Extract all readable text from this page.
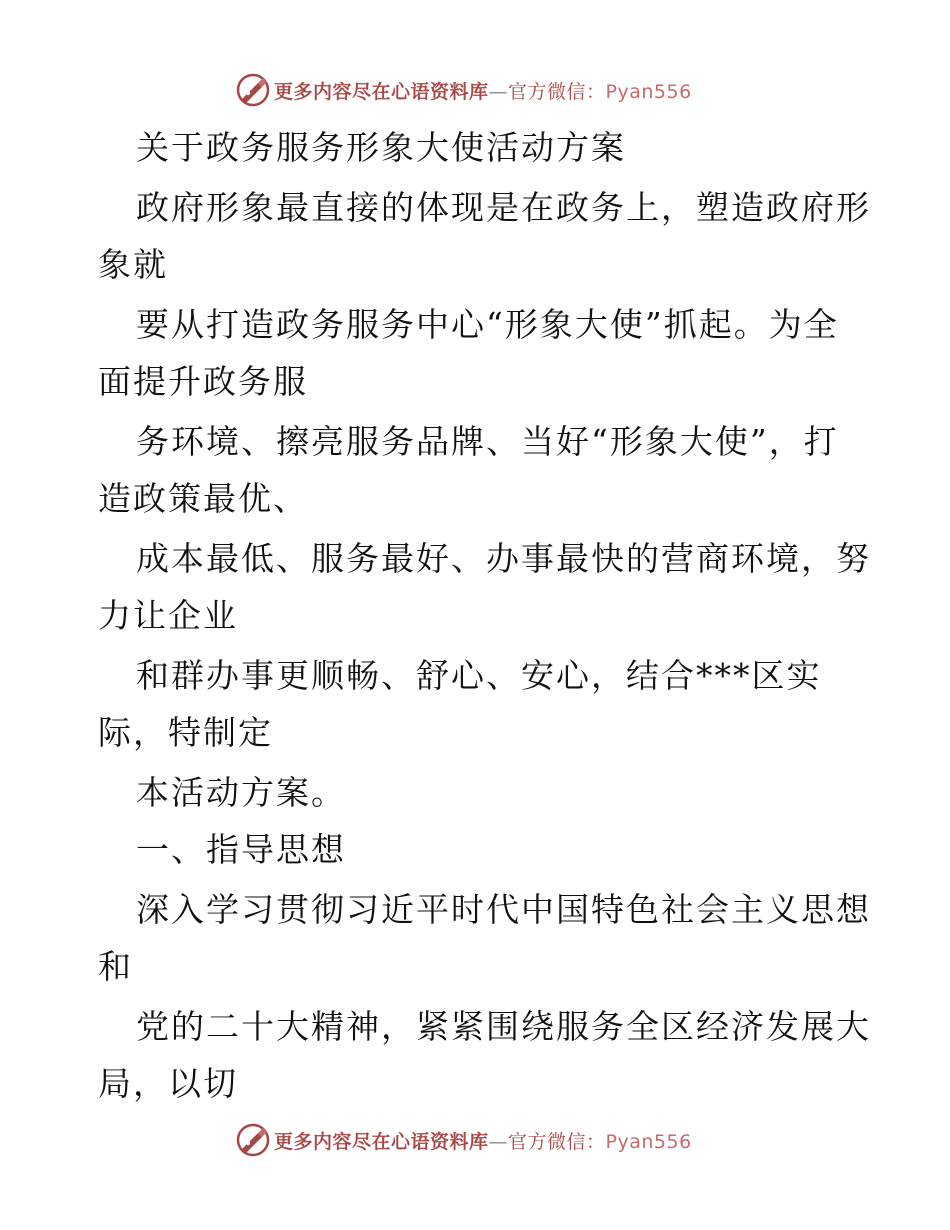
更多内容尽在心语资料库—官方微信：Pyan556
关于政务服务形象大使活动方案
政府形象最直接的体现是在政务上，塑造政府形
象就
要从打造政务服务中心“形象大使”抓起。为全
面提升政务服
务环境、擦亮服务品牌、当好“形象大使”，打
造政策最优、
成本最低、服务最好、办事最快的营商环境，努
力让企业
和群办事更顺畅、舒心、安心，结合***区实
际，特制定
本活动方案。
一、指导思想
深入学习贯彻习近平时代中国特色社会主义思想
和
党的二十大精神，紧紧围绕服务全区经济发展大
局，以切
更多内容尽在心语资料库—官方微信：Pyan556
